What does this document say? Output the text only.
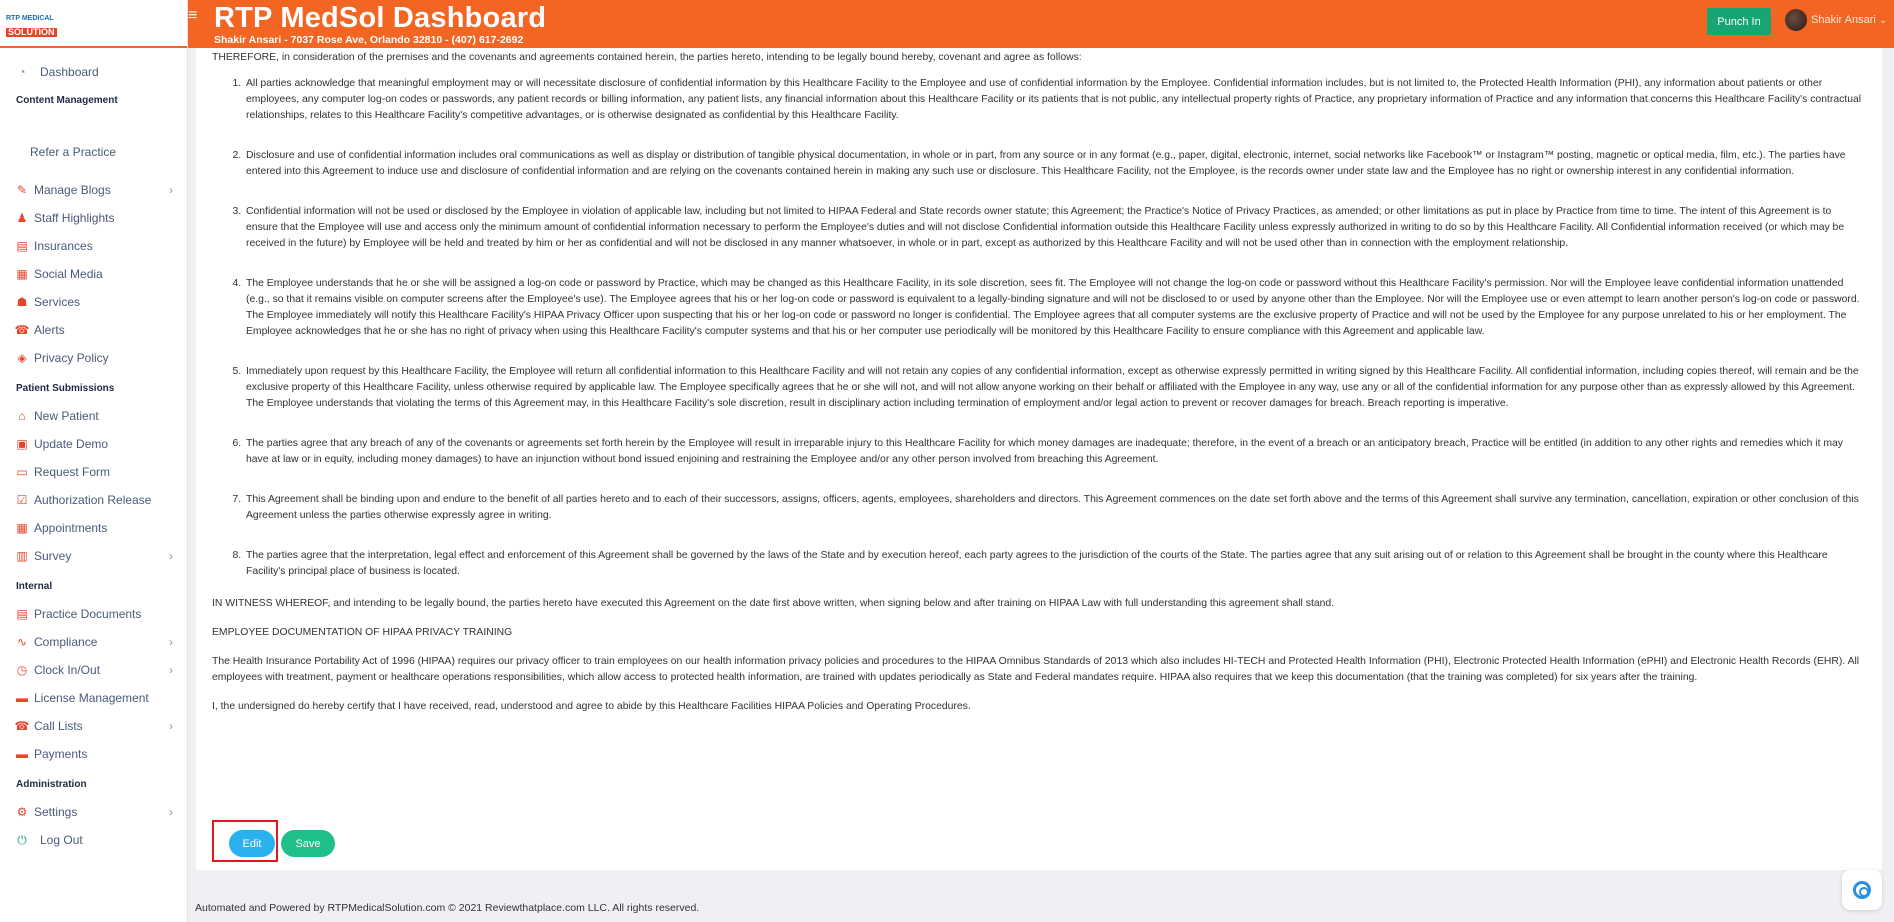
RTP MEDICAL
SOLUTION
◔	Dashboard
Content Management
Refer a Practice
✎ Manage Blogs	›
♟ Staff Highlights
▤ Insurances
▦ Social Media
☗ Services
☎ Alerts
◈ Privacy Policy
Patient Submissions
⌂ New Patient
▣ Update Demo
▭ Request Form
☑ Authorization Release
▦ Appointments
▥ Survey	›
Internal
▤ Practice Documents
∿ Compliance	›
◷ Clock In/Out	›
▬ License Management
☎ Call Lists	›
▬ Payments
Administration
⚙ Settings	›
⏻ Log Out
≡ RTP MedSol Dashboard
Shakir Ansari - 7037 Rose Ave, Orlando 32810 - (407) 617-2692
Punch In	Shakir Ansari ⌄

THEREFORE, in consideration of the premises and the covenants and agreements contained herein, the parties hereto, intending to be legally bound hereby, covenant and agree as follows:

1. All parties acknowledge that meaningful employment may or will necessitate disclosure of confidential information by this Healthcare Facility to the Employee and use of confidential information by the Employee. Confidential information includes, but is not limited to, the Protected Health Information (PHI), any information about patients or other employees, any computer log-on codes or passwords, any patient records or billing information, any patient lists, any financial information about this Healthcare Facility or its patients that is not public, any intellectual property rights of Practice, any proprietary information of Practice and any information that concerns this Healthcare Facility's contractual relationships, relates to this Healthcare Facility's competitive advantages, or is otherwise designated as confidential by this Healthcare Facility.
2. Disclosure and use of confidential information includes oral communications as well as display or distribution of tangible physical documentation, in whole or in part, from any source or in any format (e.g., paper, digital, electronic, internet, social networks like Facebook™ or Instagram™ posting, magnetic or optical media, film, etc.). The parties have entered into this Agreement to induce use and disclosure of confidential information and are relying on the covenants contained herein in making any such use or disclosure. This Healthcare Facility, not the Employee, is the records owner under state law and the Employee has no right or ownership interest in any confidential information.
3. Confidential information will not be used or disclosed by the Employee in violation of applicable law, including but not limited to HIPAA Federal and State records owner statute; this Agreement; the Practice's Notice of Privacy Practices, as amended; or other limitations as put in place by Practice from time to time. The intent of this Agreement is to ensure that the Employee will use and access only the minimum amount of confidential information necessary to perform the Employee's duties and will not disclose Confidential information outside this Healthcare Facility unless expressly authorized in writing to do so by this Healthcare Facility. All Confidential information received (or which may be received in the future) by Employee will be held and treated by him or her as confidential and will not be disclosed in any manner whatsoever, in whole or in part, except as authorized by this Healthcare Facility and will not be used other than in connection with the employment relationship.
4. The Employee understands that he or she will be assigned a log-on code or password by Practice, which may be changed as this Healthcare Facility, in its sole discretion, sees fit. The Employee will not change the log-on code or password without this Healthcare Facility's permission. Nor will the Employee leave confidential information unattended (e.g., so that it remains visible on computer screens after the Employee's use). The Employee agrees that his or her log-on code or password is equivalent to a legally-binding signature and will not be disclosed to or used by anyone other than the Employee. Nor will the Employee use or even attempt to learn another person's log-on code or password. The Employee immediately will notify this Healthcare Facility's HIPAA Privacy Officer upon suspecting that his or her log-on code or password no longer is confidential. The Employee agrees that all computer systems are the exclusive property of Practice and will not be used by the Employee for any purpose unrelated to his or her employment. The Employee acknowledges that he or she has no right of privacy when using this Healthcare Facility's computer systems and that his or her computer use periodically will be monitored by this Healthcare Facility to ensure compliance with this Agreement and applicable law.
5. Immediately upon request by this Healthcare Facility, the Employee will return all confidential information to this Healthcare Facility and will not retain any copies of any confidential information, except as otherwise expressly permitted in writing signed by this Healthcare Facility. All confidential information, including copies thereof, will remain and be the exclusive property of this Healthcare Facility, unless otherwise required by applicable law. The Employee specifically agrees that he or she will not, and will not allow anyone working on their behalf or affiliated with the Employee in any way, use any or all of the confidential information for any purpose other than as expressly allowed by this Agreement. The Employee understands that violating the terms of this Agreement may, in this Healthcare Facility's sole discretion, result in disciplinary action including termination of employment and/or legal action to prevent or recover damages for breach. Breach reporting is imperative.
6. The parties agree that any breach of any of the covenants or agreements set forth herein by the Employee will result in irreparable injury to this Healthcare Facility for which money damages are inadequate; therefore, in the event of a breach or an anticipatory breach, Practice will be entitled (in addition to any other rights and remedies which it may have at law or in equity, including money damages) to have an injunction without bond issued enjoining and restraining the Employee and/or any other person involved from breaching this Agreement.
7. This Agreement shall be binding upon and endure to the benefit of all parties hereto and to each of their successors, assigns, officers, agents, employees, shareholders and directors. This Agreement commences on the date set forth above and the terms of this Agreement shall survive any termination, cancellation, expiration or other conclusion of this Agreement unless the parties otherwise expressly agree in writing.
8. The parties agree that the interpretation, legal effect and enforcement of this Agreement shall be governed by the laws of the State and by execution hereof, each party agrees to the jurisdiction of the courts of the State. The parties agree that any suit arising out of or relation to this Agreement shall be brought in the county where this Healthcare Facility's principal place of business is located.

IN WITNESS WHEREOF, and intending to be legally bound, the parties hereto have executed this Agreement on the date first above written, when signing below and after training on HIPAA Law with full understanding this agreement shall stand.

EMPLOYEE DOCUMENTATION OF HIPAA PRIVACY TRAINING

The Health Insurance Portability Act of 1996 (HIPAA) requires our privacy officer to train employees on our health information privacy policies and procedures to the HIPAA Omnibus Standards of 2013 which also includes HI-TECH and Protected Health Information (PHI), Electronic Protected Health Information (ePHI) and Electronic Health Records (EHR). All employees with treatment, payment or healthcare operations responsibilities, which allow access to protected health information, are trained with updates periodically as State and Federal mandates require. HIPAA also requires that we keep this documentation (that the training was completed) for six years after the training.

I, the undersigned do hereby certify that I have received, read, understood and agree to abide by this Healthcare Facilities HIPAA Policies and Operating Procedures.

Edit	Save
Automated and Powered by RTPMedicalSolution.com © 2021 Reviewthatplace.com LLC. All rights reserved.
